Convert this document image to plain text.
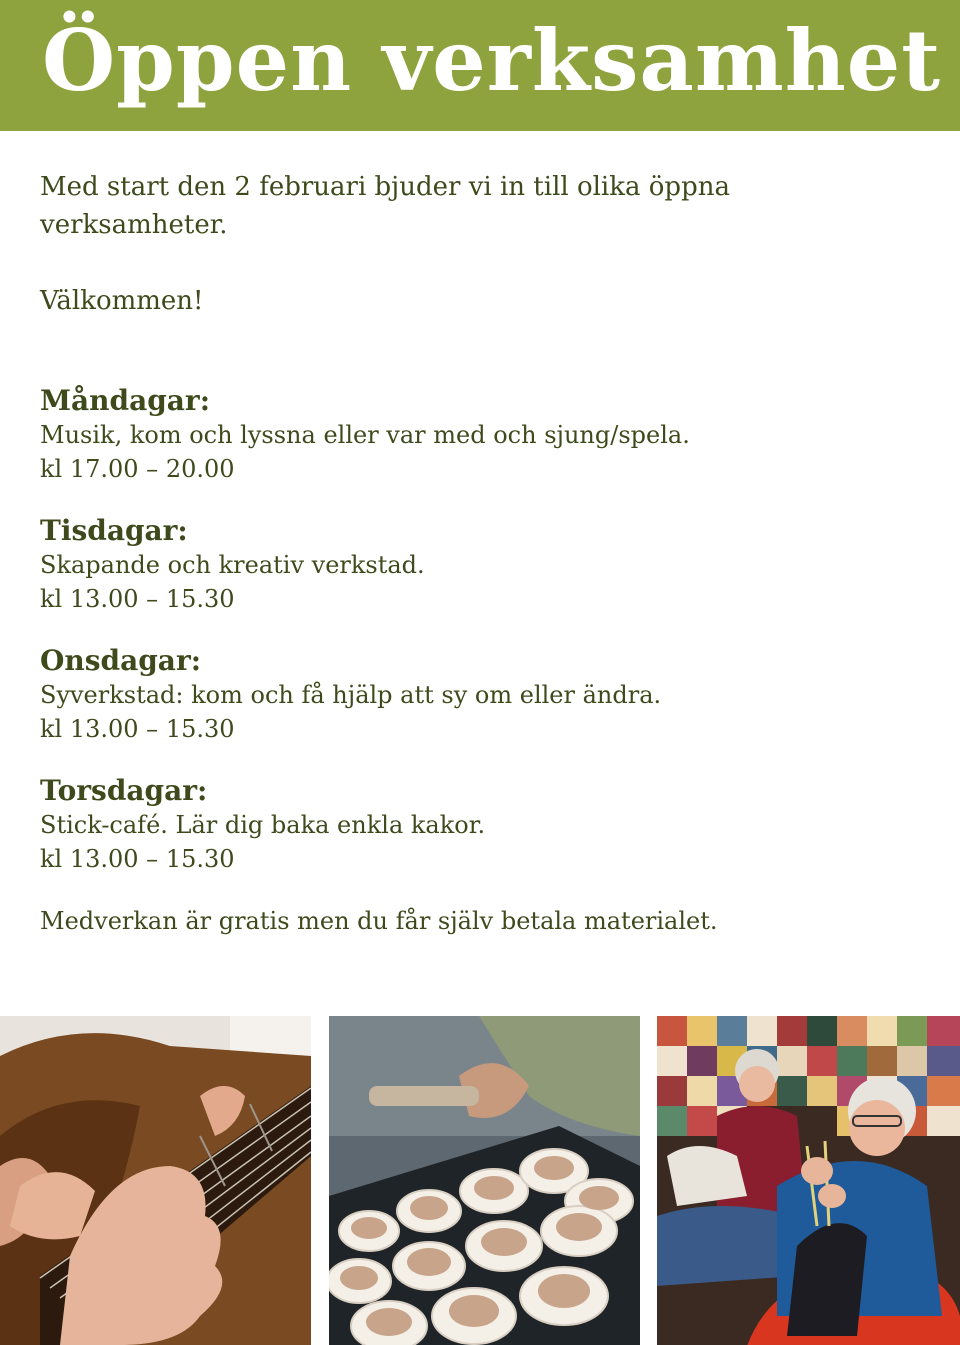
Öppen verksamhet

Med start den 2 februari bjuder vi in till olika öppna verksamheter.

Välkommen!

Måndagar:

Musik, kom och lyssna eller var med och sjung/spela.

kl 17.00 – 20.00

Tisdagar:

Skapande och kreativ verkstad.

kl 13.00 – 15.30

Onsdagar:

Syverkstad: kom och få hjälp att sy om eller ändra.

kl 13.00 – 15.30

Torsdagar:

Stick-café. Lär dig baka enkla kakor.

kl 13.00 – 15.30

Medverkan är gratis men du får själv betala materialet.
